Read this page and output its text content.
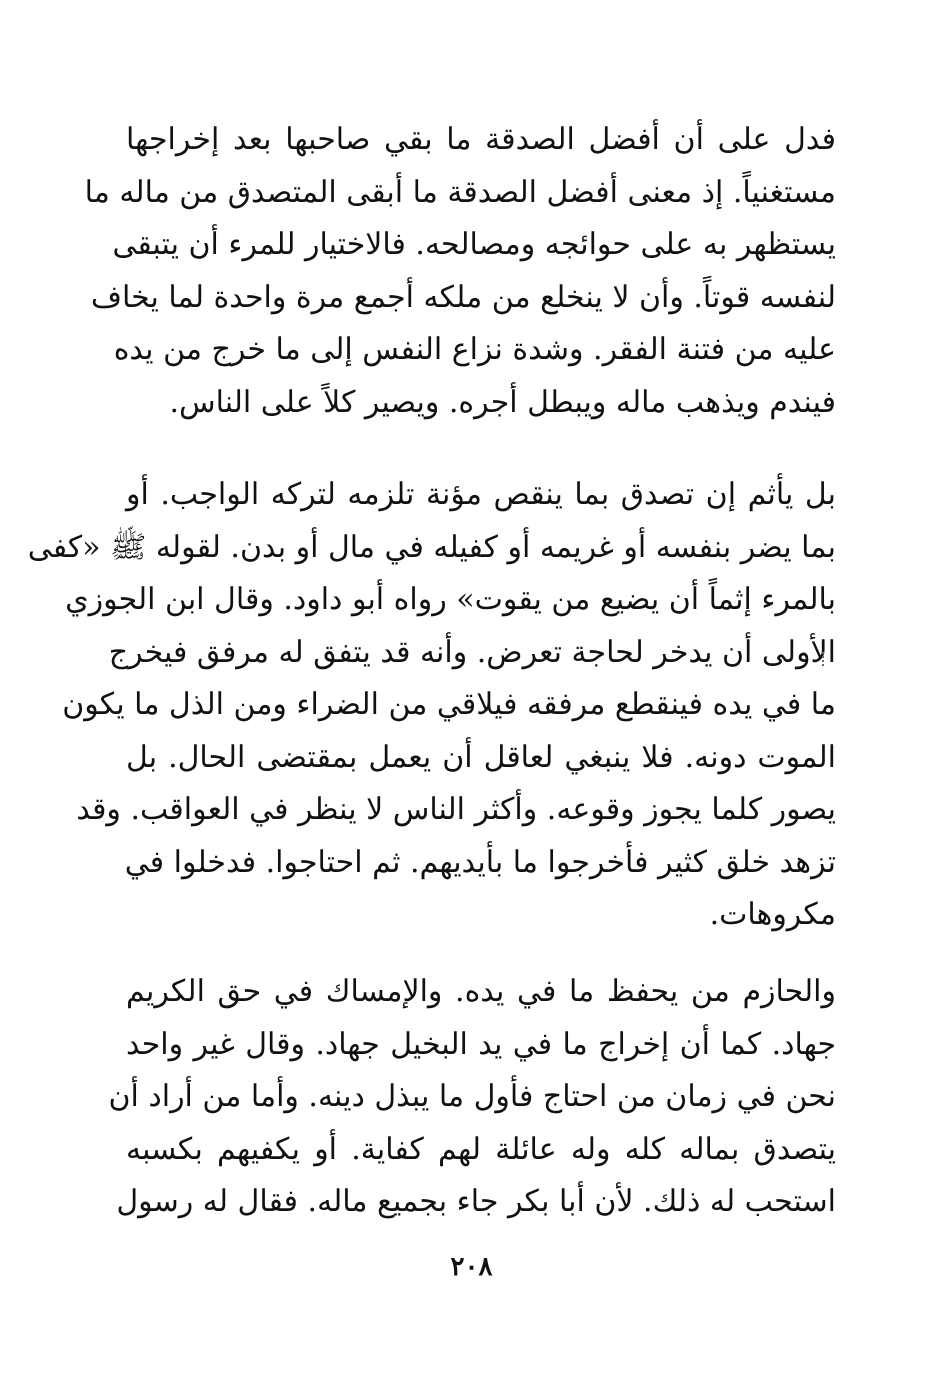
فدل على أن أفضل الصدقة ما بقي صاحبها بعد إخراجها
مستغنياً. إذ معنى أفضل الصدقة ما أبقى المتصدق من ماله ما
يستظهر به على حوائجه ومصالحه. فالاختيار للمرء أن يتبقى
لنفسه قوتاً. وأن لا ينخلع من ملكه أجمع مرة واحدة لما يخاف
عليه من فتنة الفقر. وشدة نزاع النفس إلى ما خرج من يده
فيندم ويذهب ماله ويبطل أجره. ويصير كلاً على الناس.
بل يأثم إن تصدق بما ينقص مؤنة تلزمه لتركه الواجب. أو
بما يضر بنفسه أو غريمه أو كفيله في مال أو بدن. لقوله ﷺ «كفى
بالمرء إثماً أن يضيع من يقوت» رواه أبو داود. وقال ابن الجوزي
الأولى أن يدخر لحاجة تعرض. وأنه قد يتفق له مرفق فيخرج
ما في يده فينقطع مرفقه فيلاقي من الضراء ومن الذل ما يكون
الموت دونه. فلا ينبغي لعاقل أن يعمل بمقتضى الحال. بل
يصور كلما يجوز وقوعه. وأكثر الناس لا ينظر في العواقب. وقد
تزهد خلق كثير فأخرجوا ما بأيديهم. ثم احتاجوا. فدخلوا في
مكروهات.
والحازم من يحفظ ما في يده. والإمساك في حق الكريم
جهاد. كما أن إخراج ما في يد البخيل جهاد. وقال غير واحد
نحن في زمان من احتاج فأول ما يبذل دينه. وأما من أراد أن
يتصدق بماله كله وله عائلة لهم كفاية. أو يكفيهم بكسبه
استحب له ذلك. لأن أبا بكر جاء بجميع ماله. فقال له رسول
٢٠٨
